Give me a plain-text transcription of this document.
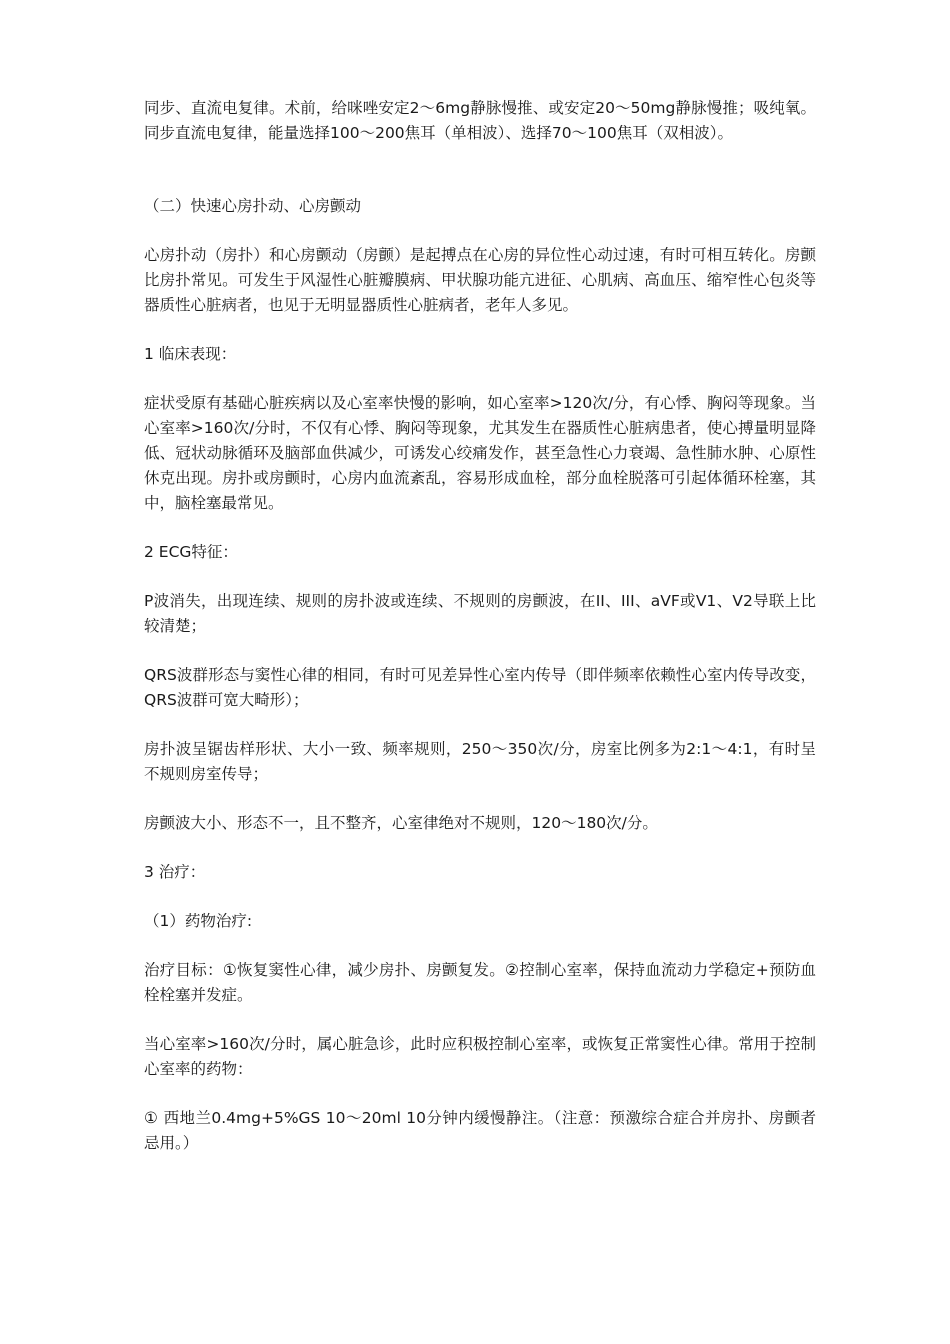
同步、直流电复律。术前，给咪唑安定2～6mg静脉慢推、或安定20～50mg静脉慢推；吸纯氧。同步直流电复律，能量选择100～200焦耳（单相波）、选择70～100焦耳（双相波）。

（二）快速心房扑动、心房颤动

心房扑动（房扑）和心房颤动（房颤）是起搏点在心房的异位性心动过速，有时可相互转化。房颤比房扑常见。可发生于风湿性心脏瓣膜病、甲状腺功能亢进征、心肌病、高血压、缩窄性心包炎等器质性心脏病者，也见于无明显器质性心脏病者，老年人多见。

1 临床表现：

症状受原有基础心脏疾病以及心室率快慢的影响，如心室率>120次/分，有心悸、胸闷等现象。当心室率>160次/分时，不仅有心悸、胸闷等现象，尤其发生在器质性心脏病患者，使心搏量明显降低、冠状动脉循环及脑部血供减少，可诱发心绞痛发作，甚至急性心力衰竭、急性肺水肿、心原性休克出现。房扑或房颤时，心房内血流紊乱，容易形成血栓，部分血栓脱落可引起体循环栓塞，其中，脑栓塞最常见。

2 ECG特征：

P波消失，出现连续、规则的房扑波或连续、不规则的房颤波，在II、III、aVF或V1、V2导联上比较清楚；

QRS波群形态与窦性心律的相同，有时可见差异性心室内传导（即伴频率依赖性心室内传导改变，QRS波群可宽大畸形）；

房扑波呈锯齿样形状、大小一致、频率规则，250～350次/分，房室比例多为2:1～4:1，有时呈不规则房室传导；

房颤波大小、形态不一，且不整齐，心室律绝对不规则，120～180次/分。

3 治疗：

（1）药物治疗:

治疗目标：①恢复窦性心律，减少房扑、房颤复发。②控制心室率，保持血流动力学稳定+预防血栓栓塞并发症。

当心室率>160次/分时，属心脏急诊，此时应积极控制心室率，或恢复正常窦性心律。常用于控制心室率的药物：

① 西地兰0.4mg+5%GS 10～20ml 10分钟内缓慢静注。（注意：预激综合症合并房扑、房颤者忌用。）
